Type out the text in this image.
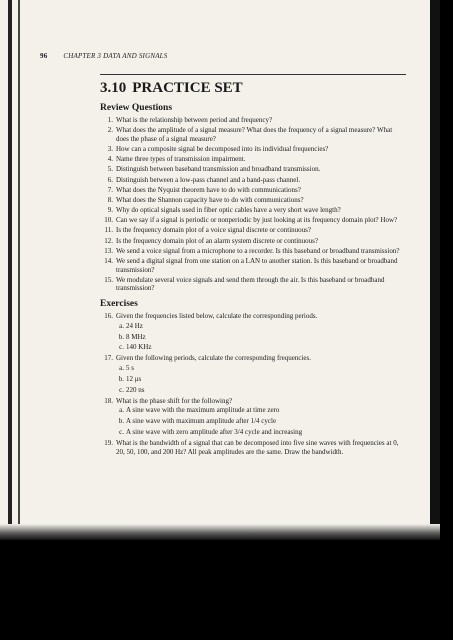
96 CHAPTER 3 DATA AND SIGNALS
3.10 PRACTICE SET
Review Questions
1. What is the relationship between period and frequency?
2. What does the amplitude of a signal measure? What does the frequency of a signal measure? What does the phase of a signal measure?
3. How can a composite signal be decomposed into its individual frequencies?
4. Name three types of transmission impairment.
5. Distinguish between baseband transmission and broadband transmission.
6. Distinguish between a low-pass channel and a band-pass channel.
7. What does the Nyquist theorem have to do with communications?
8. What does the Shannon capacity have to do with communications?
9. Why do optical signals used in fiber optic cables have a very short wave length?
10. Can we say if a signal is periodic or nonperiodic by just looking at its frequency domain plot? How?
11. Is the frequency domain plot of a voice signal discrete or continuous?
12. Is the frequency domain plot of an alarm system discrete or continuous?
13. We send a voice signal from a microphone to a recorder. Is this baseband or broadband transmission?
14. We send a digital signal from one station on a LAN to another station. Is this baseband or broadband transmission?
15. We modulate several voice signals and send them through the air. Is this baseband or broadband transmission?
Exercises
16. Given the frequencies listed below, calculate the corresponding periods.
a. 24 Hz
b. 8 MHz
c. 140 KHz
17. Given the following periods, calculate the corresponding frequencies.
a. 5 s
b. 12 μs
c. 220 ns
18. What is the phase shift for the following?
a. A sine wave with the maximum amplitude at time zero
b. A sine wave with maximum amplitude after 1/4 cycle
c. A sine wave with zero amplitude after 3/4 cycle and increasing
19. What is the bandwidth of a signal that can be decomposed into five sine waves with frequencies at 0, 20, 50, 100, and 200 Hz? All peak amplitudes are the same. Draw the bandwidth.
